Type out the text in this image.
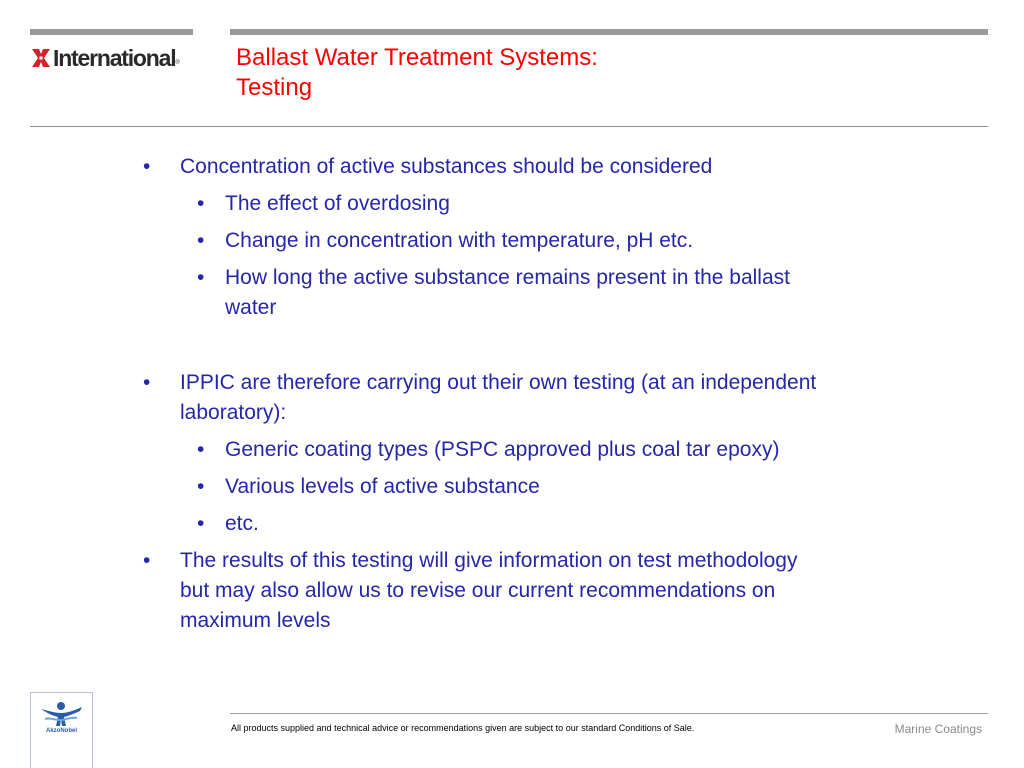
International ® Ballast Water Treatment Systems:
Testing
• Concentration of active substances should be considered
• The effect of overdosing
• Change in concentration with temperature, pH etc.
• How long the active substance remains present in the ballast
water
• IPPIC are therefore carrying out their own testing (at an independent
laboratory):
• Generic coating types (PSPC approved plus coal tar epoxy)
• Various levels of active substance
• etc.
• The results of this testing will give information on test methodology
but may also allow us to revise our current recommendations on
maximum levels
AkzoNobel	All products supplied and technical advice or recommendations given are subject to our standard Conditions of Sale.	Marine Coatings
